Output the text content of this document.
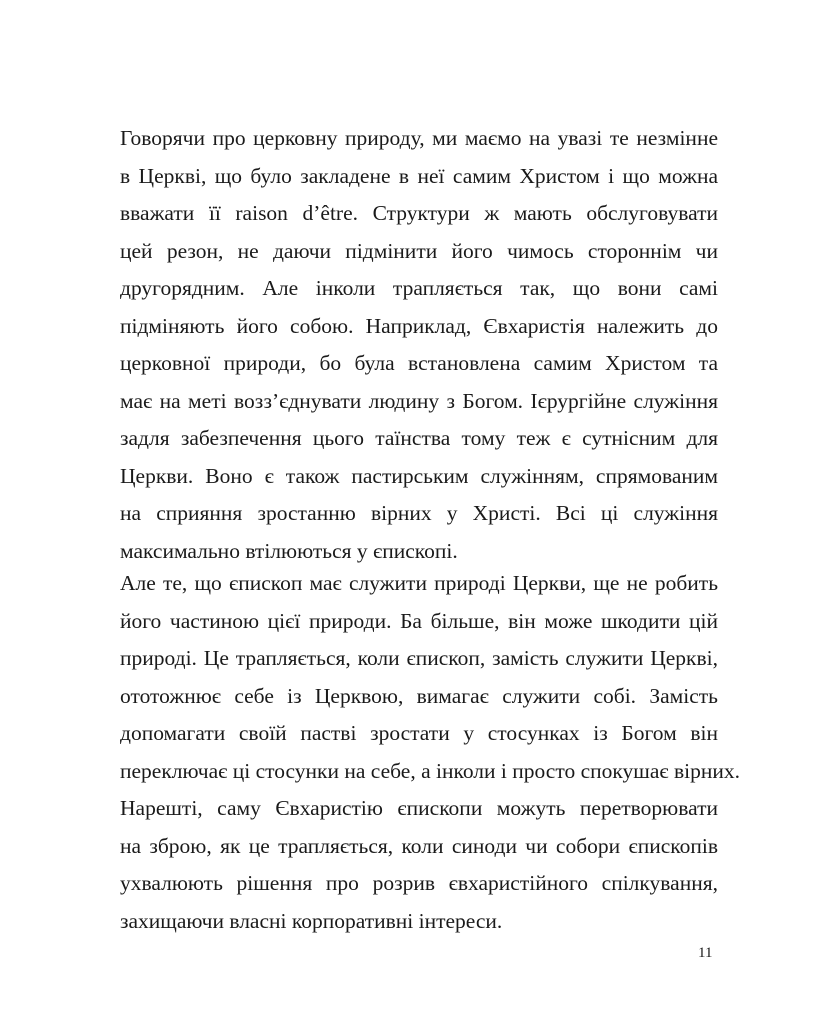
Говорячи про церковну природу, ми маємо на увазі те незмінне
в Церкві, що було закладене в неї самим Христом і що можна
вважати її raison d’être. Структури ж мають обслуговувати
цей резон, не даючи підмінити його чимось стороннім чи
другорядним. Але інколи трапляється так, що вони самі
підміняють його собою. Наприклад, Євхаристія належить до
церковної природи, бо була встановлена самим Христом та
має на меті возз’єднувати людину з Богом. Ієрургійне служіння
задля забезпечення цього таїнства тому теж є сутнісним для
Церкви. Воно є також пастирським служінням, спрямованим
на сприяння зростанню вірних у Христі. Всі ці служіння
максимально втілюються у єпископі.
Але те, що єпископ має служити природі Церкви, ще не робить
його частиною цієї природи. Ба більше, він може шкодити цій
природі. Це трапляється, коли єпископ, замість служити Церкві,
ототожнює себе із Церквою, вимагає служити собі. Замість
допомагати своїй пастві зростати у стосунках із Богом він
переключає ці стосунки на себе, а інколи і просто спокушає вірних.
Нарешті, саму Євхаристію єпископи можуть перетворювати
на зброю, як це трапляється, коли синоди чи собори єпископів
ухвалюють рішення про розрив євхаристійного спілкування,
захищаючи власні корпоративні інтереси.
11
